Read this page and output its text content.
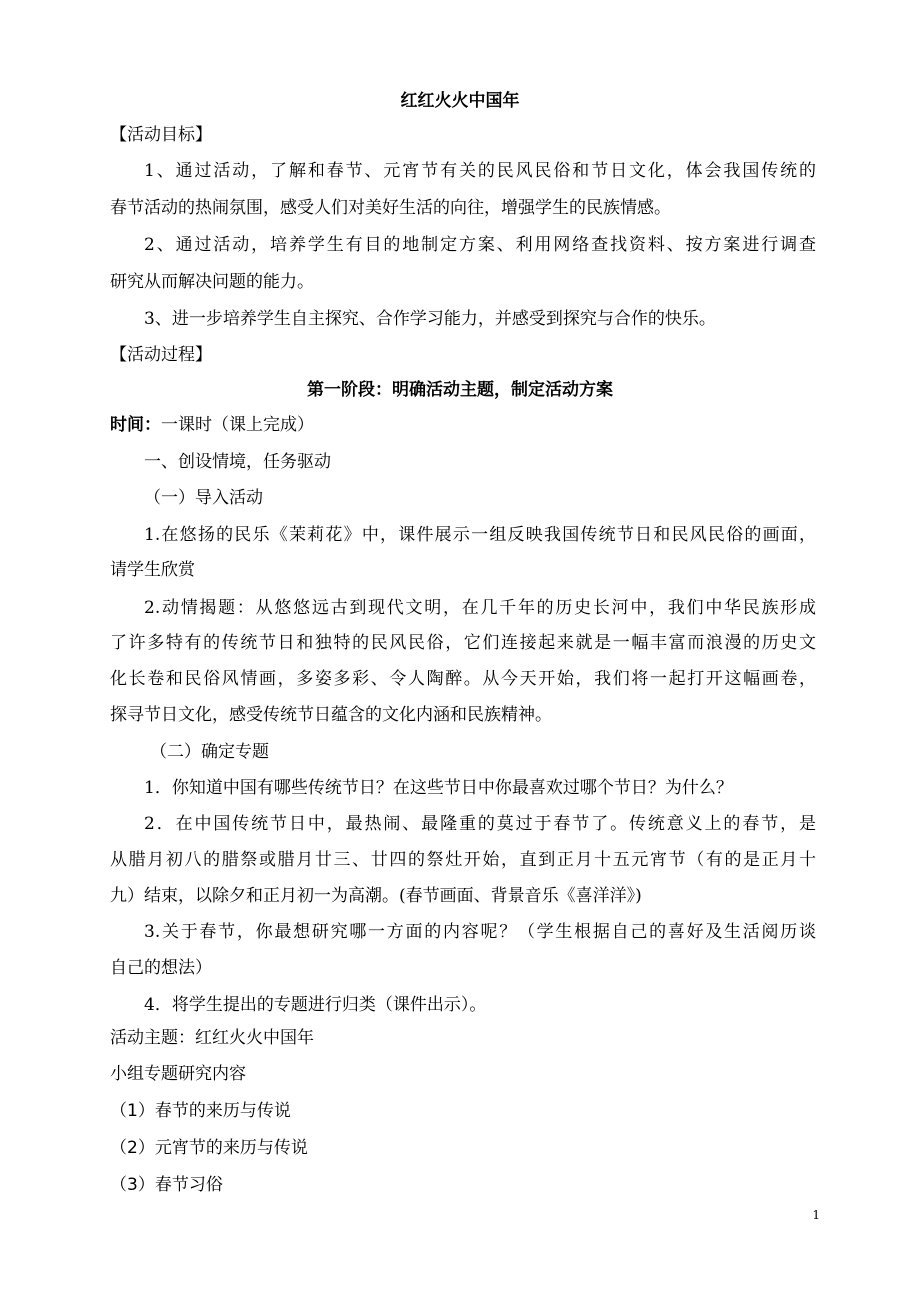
红红火火中国年
【活动目标】
1、通过活动，了解和春节、元宵节有关的民风民俗和节日文化，体会我国传统的
春节活动的热闹氛围，感受人们对美好生活的向往，增强学生的民族情感。
2、通过活动，培养学生有目的地制定方案、利用网络查找资料、按方案进行调查
研究从而解决问题的能力。
3、进一步培养学生自主探究、合作学习能力，并感受到探究与合作的快乐。
【活动过程】
第一阶段：明确活动主题，制定活动方案
时间：一课时（课上完成）
一、创设情境，任务驱动
（一）导入活动
1.在悠扬的民乐《茉莉花》中，课件展示一组反映我国传统节日和民风民俗的画面，
请学生欣赏
2.动情揭题：从悠悠远古到现代文明，在几千年的历史长河中，我们中华民族形成
了许多特有的传统节日和独特的民风民俗，它们连接起来就是一幅丰富而浪漫的历史文
化长卷和民俗风情画，多姿多彩、令人陶醉。从今天开始，我们将一起打开这幅画卷，
探寻节日文化，感受传统节日蕴含的文化内涵和民族精神。
（二）确定专题
1．你知道中国有哪些传统节日？在这些节日中你最喜欢过哪个节日？为什么？
2．在中国传统节日中，最热闹、最隆重的莫过于春节了。传统意义上的春节，是
从腊月初八的腊祭或腊月廿三、廿四的祭灶开始，直到正月十五元宵节（有的是正月十
九）结束，以除夕和正月初一为高潮。(春节画面、背景音乐《喜洋洋》)
3.关于春节，你最想研究哪一方面的内容呢？（学生根据自己的喜好及生活阅历谈
自己的想法）
4．将学生提出的专题进行归类（课件出示）。
活动主题：红红火火中国年
小组专题研究内容
（1）春节的来历与传说
（2）元宵节的来历与传说
（3）春节习俗
1
